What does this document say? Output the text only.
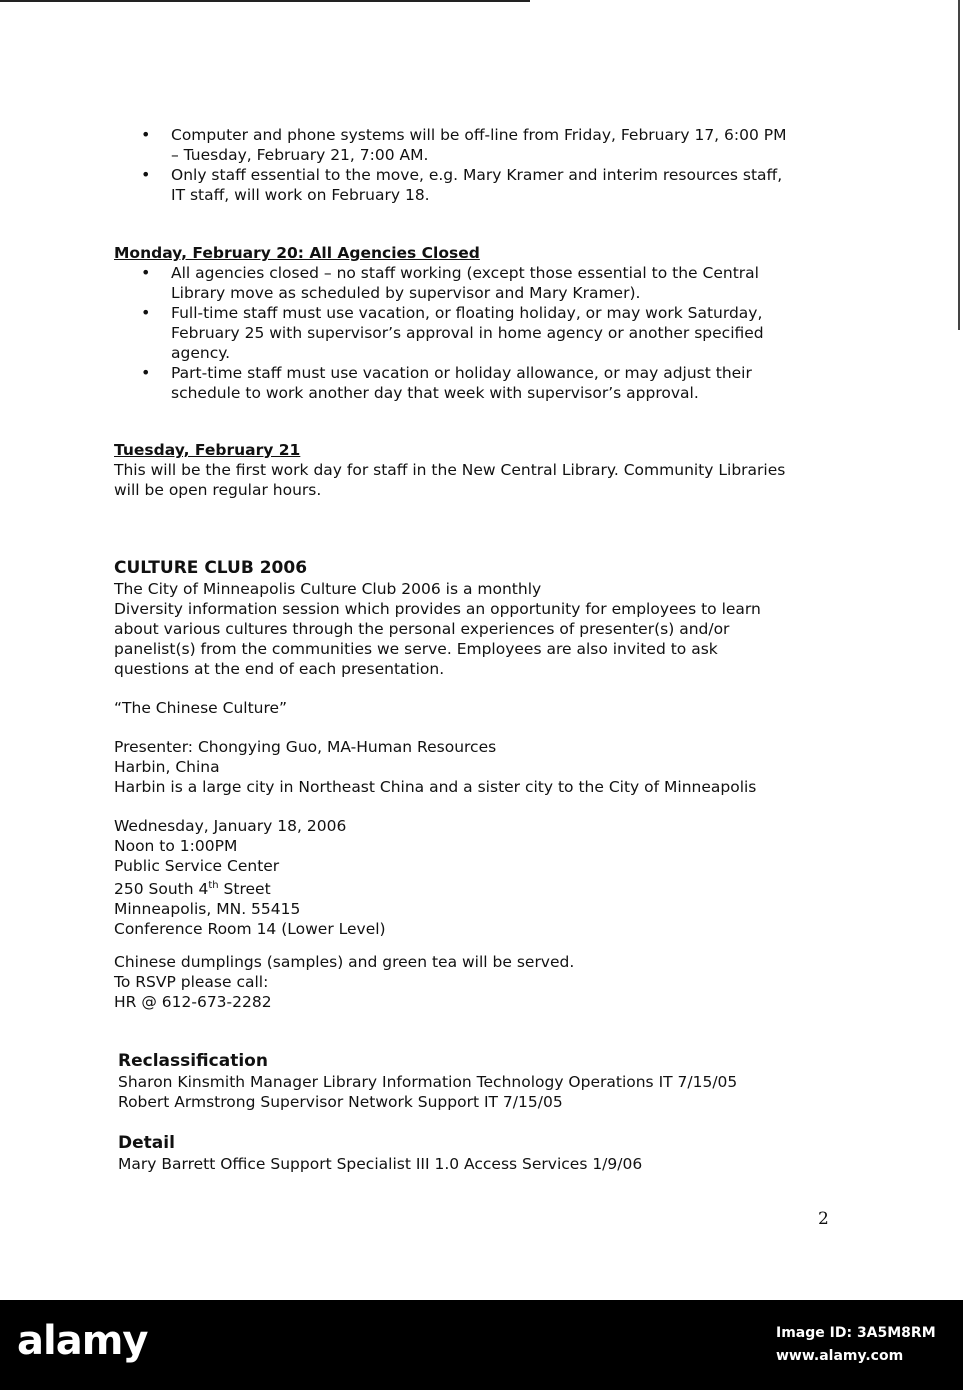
• Computer and phone systems will be off-line from Friday, February 17, 6:00 PM
– Tuesday, February 21, 7:00 AM.
• Only staff essential to the move, e.g. Mary Kramer and interim resources staff,
IT staff, will work on February 18.
Monday, February 20: All Agencies Closed
• All agencies closed – no staff working (except those essential to the Central
Library move as scheduled by supervisor and Mary Kramer).
• Full-time staff must use vacation, or floating holiday, or may work Saturday,
February 25 with supervisor’s approval in home agency or another specified
agency.
• Part-time staff must use vacation or holiday allowance, or may adjust their
schedule to work another day that week with supervisor’s approval.
Tuesday, February 21
This will be the first work day for staff in the New Central Library. Community Libraries
will be open regular hours.
CULTURE CLUB 2006
The City of Minneapolis Culture Club 2006 is a monthly
Diversity information session which provides an opportunity for employees to learn
about various cultures through the personal experiences of presenter(s) and/or
panelist(s) from the communities we serve. Employees are also invited to ask
questions at the end of each presentation.
“The Chinese Culture”
Presenter: Chongying Guo, MA-Human Resources
Harbin, China
Harbin is a large city in Northeast China and a sister city to the City of Minneapolis
Wednesday, January 18, 2006
Noon to 1:00PM
Public Service Center
250 South 4th Street
Minneapolis, MN. 55415
Conference Room 14 (Lower Level)
Chinese dumplings (samples) and green tea will be served.
To RSVP please call:
HR @ 612-673-2282
Reclassification
Sharon Kinsmith Manager Library Information Technology Operations IT 7/15/05
Robert Armstrong Supervisor Network Support IT 7/15/05
Detail
Mary Barrett Office Support Specialist III 1.0 Access Services 1/9/06
2
alamy	Image ID: 3A5M8RM
www.alamy.com
